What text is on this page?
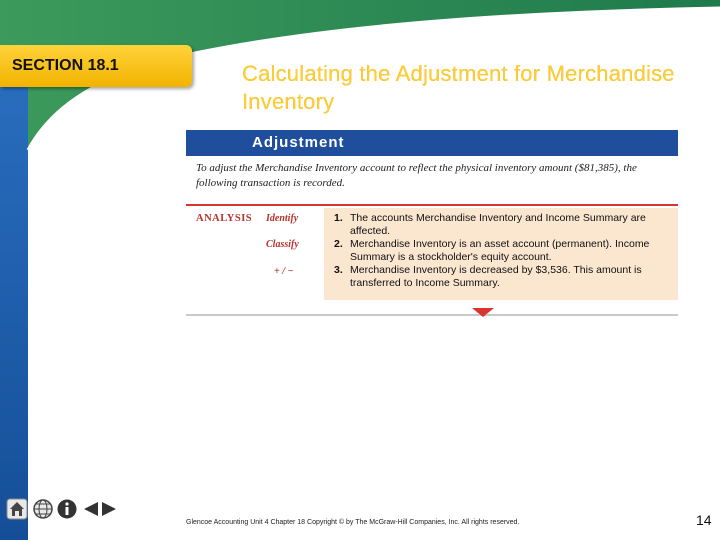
SECTION 18.1	Calculating the Adjustment for Merchandise Inventory
Adjustment
To adjust the Merchandise Inventory account to reflect the physical inventory amount ($81,385), the following transaction is recorded.
ANALYSIS Identify
Classify
+ / −
1. The accounts Merchandise Inventory and Income Summary are affected.
2. Merchandise Inventory is an asset account (permanent). Income Summary is a stockholder's equity account.
3. Merchandise Inventory is decreased by $3,536. This amount is transferred to Income Summary.
Glencoe Accounting Unit 4 Chapter 18 Copyright © by The McGraw-Hill Companies, Inc. All rights reserved.	14
